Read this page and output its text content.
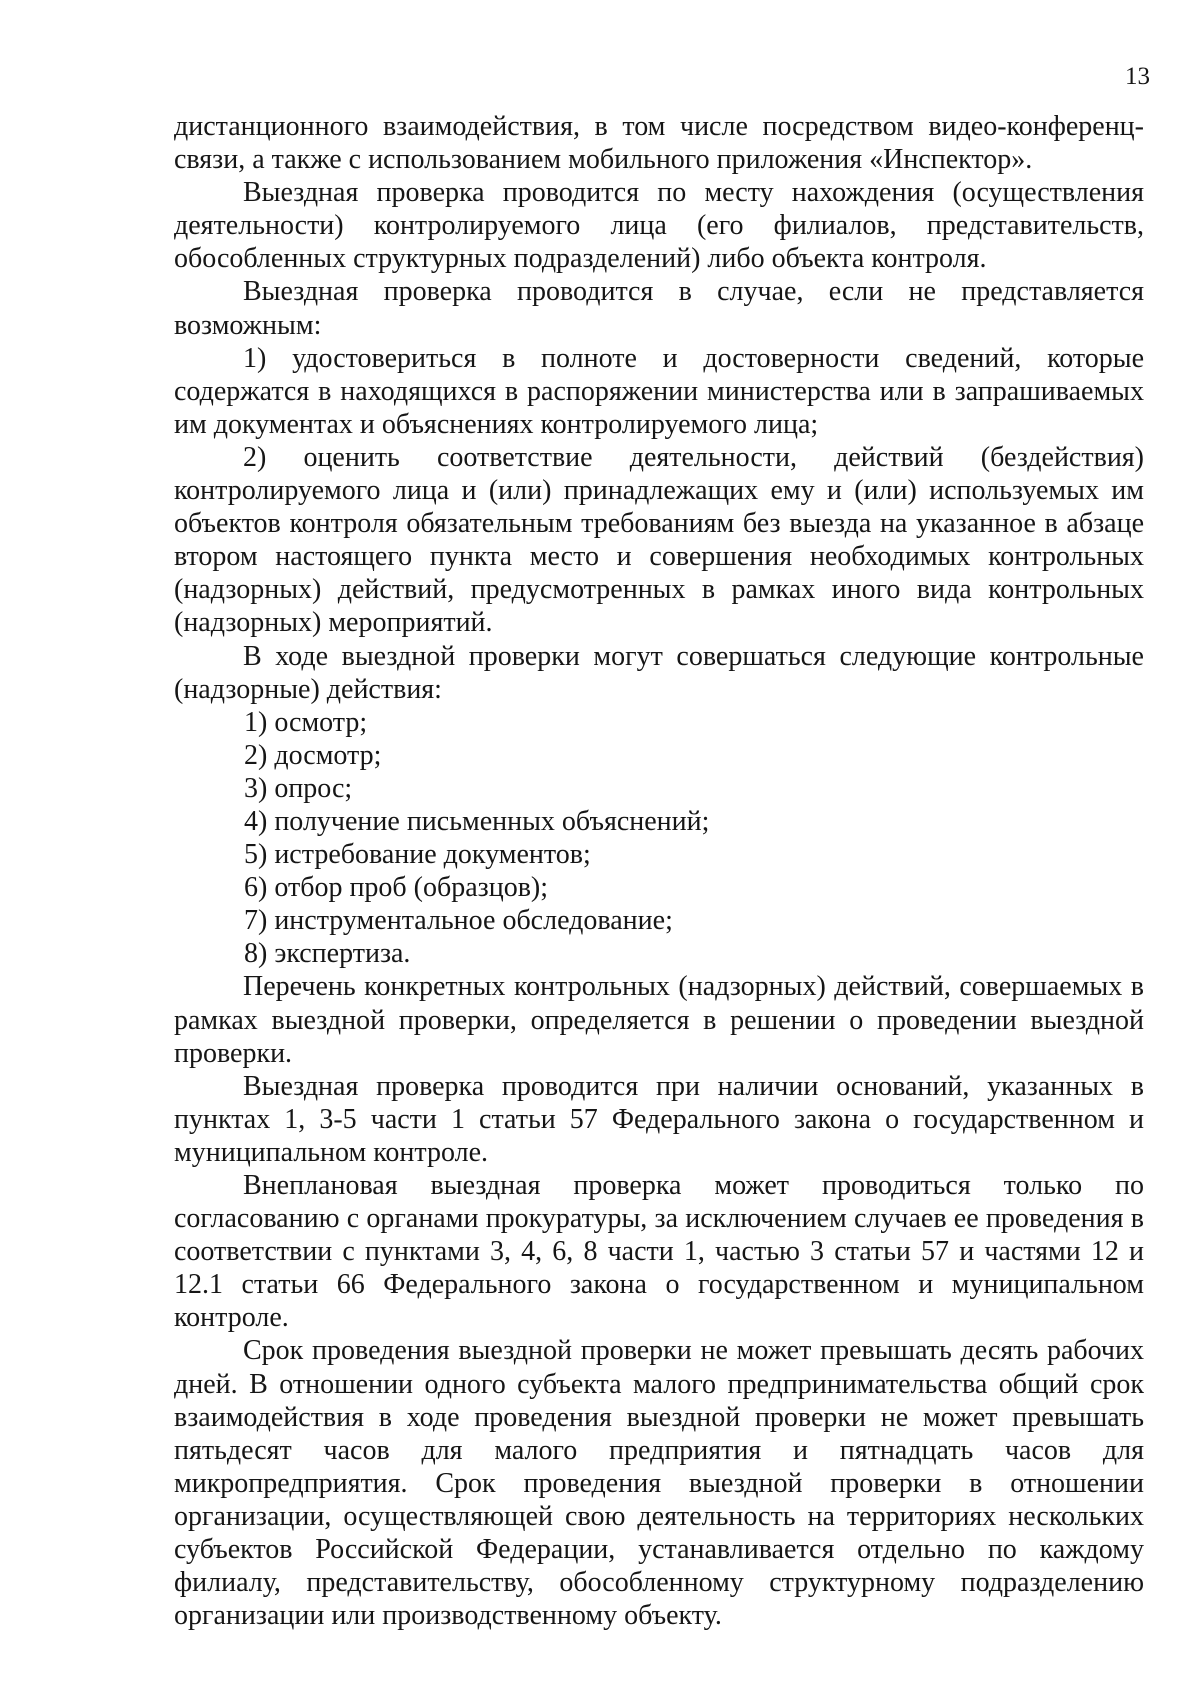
13

дистанционного взаимодействия, в том числе посредством видео-конференц-связи, а также с использованием мобильного приложения «Инспектор».

Выездная проверка проводится по месту нахождения (осуществления деятельности) контролируемого лица (его филиалов, представительств, обособленных структурных подразделений) либо объекта контроля.

Выездная проверка проводится в случае, если не представляется возможным:

1) удостовериться в полноте и достоверности сведений, которые содержатся в находящихся в распоряжении министерства или в запрашиваемых им документах и объяснениях контролируемого лица;

2) оценить соответствие деятельности, действий (бездействия) контролируемого лица и (или) принадлежащих ему и (или) используемых им объектов контроля обязательным требованиям без выезда на указанное в абзаце втором настоящего пункта место и совершения необходимых контрольных (надзорных) действий, предусмотренных в рамках иного вида контрольных (надзорных) мероприятий.

В ходе выездной проверки могут совершаться следующие контрольные (надзорные) действия:

1) осмотр;

2) досмотр;

3) опрос;

4) получение письменных объяснений;

5) истребование документов;

6) отбор проб (образцов);

7) инструментальное обследование;

8) экспертиза.

Перечень конкретных контрольных (надзорных) действий, совершаемых в рамках выездной проверки, определяется в решении о проведении выездной проверки.

Выездная проверка проводится при наличии оснований, указанных в пунктах 1, 3-5 части 1 статьи 57 Федерального закона о государственном и муниципальном контроле.

Внеплановая выездная проверка может проводиться только по согласованию с органами прокуратуры, за исключением случаев ее проведения в соответствии с пунктами 3, 4, 6, 8 части 1, частью 3 статьи 57 и частями 12 и 12.1 статьи 66 Федерального закона о государственном и муниципальном контроле.

Срок проведения выездной проверки не может превышать десять рабочих дней. В отношении одного субъекта малого предпринимательства общий срок взаимодействия в ходе проведения выездной проверки не может превышать пятьдесят часов для малого предприятия и пятнадцать часов для микропредприятия. Срок проведения выездной проверки в отношении организации, осуществляющей свою деятельность на территориях нескольких субъектов Российской Федерации, устанавливается отдельно по каждому филиалу, представительству, обособленному структурному подразделению организации или производственному объекту.
